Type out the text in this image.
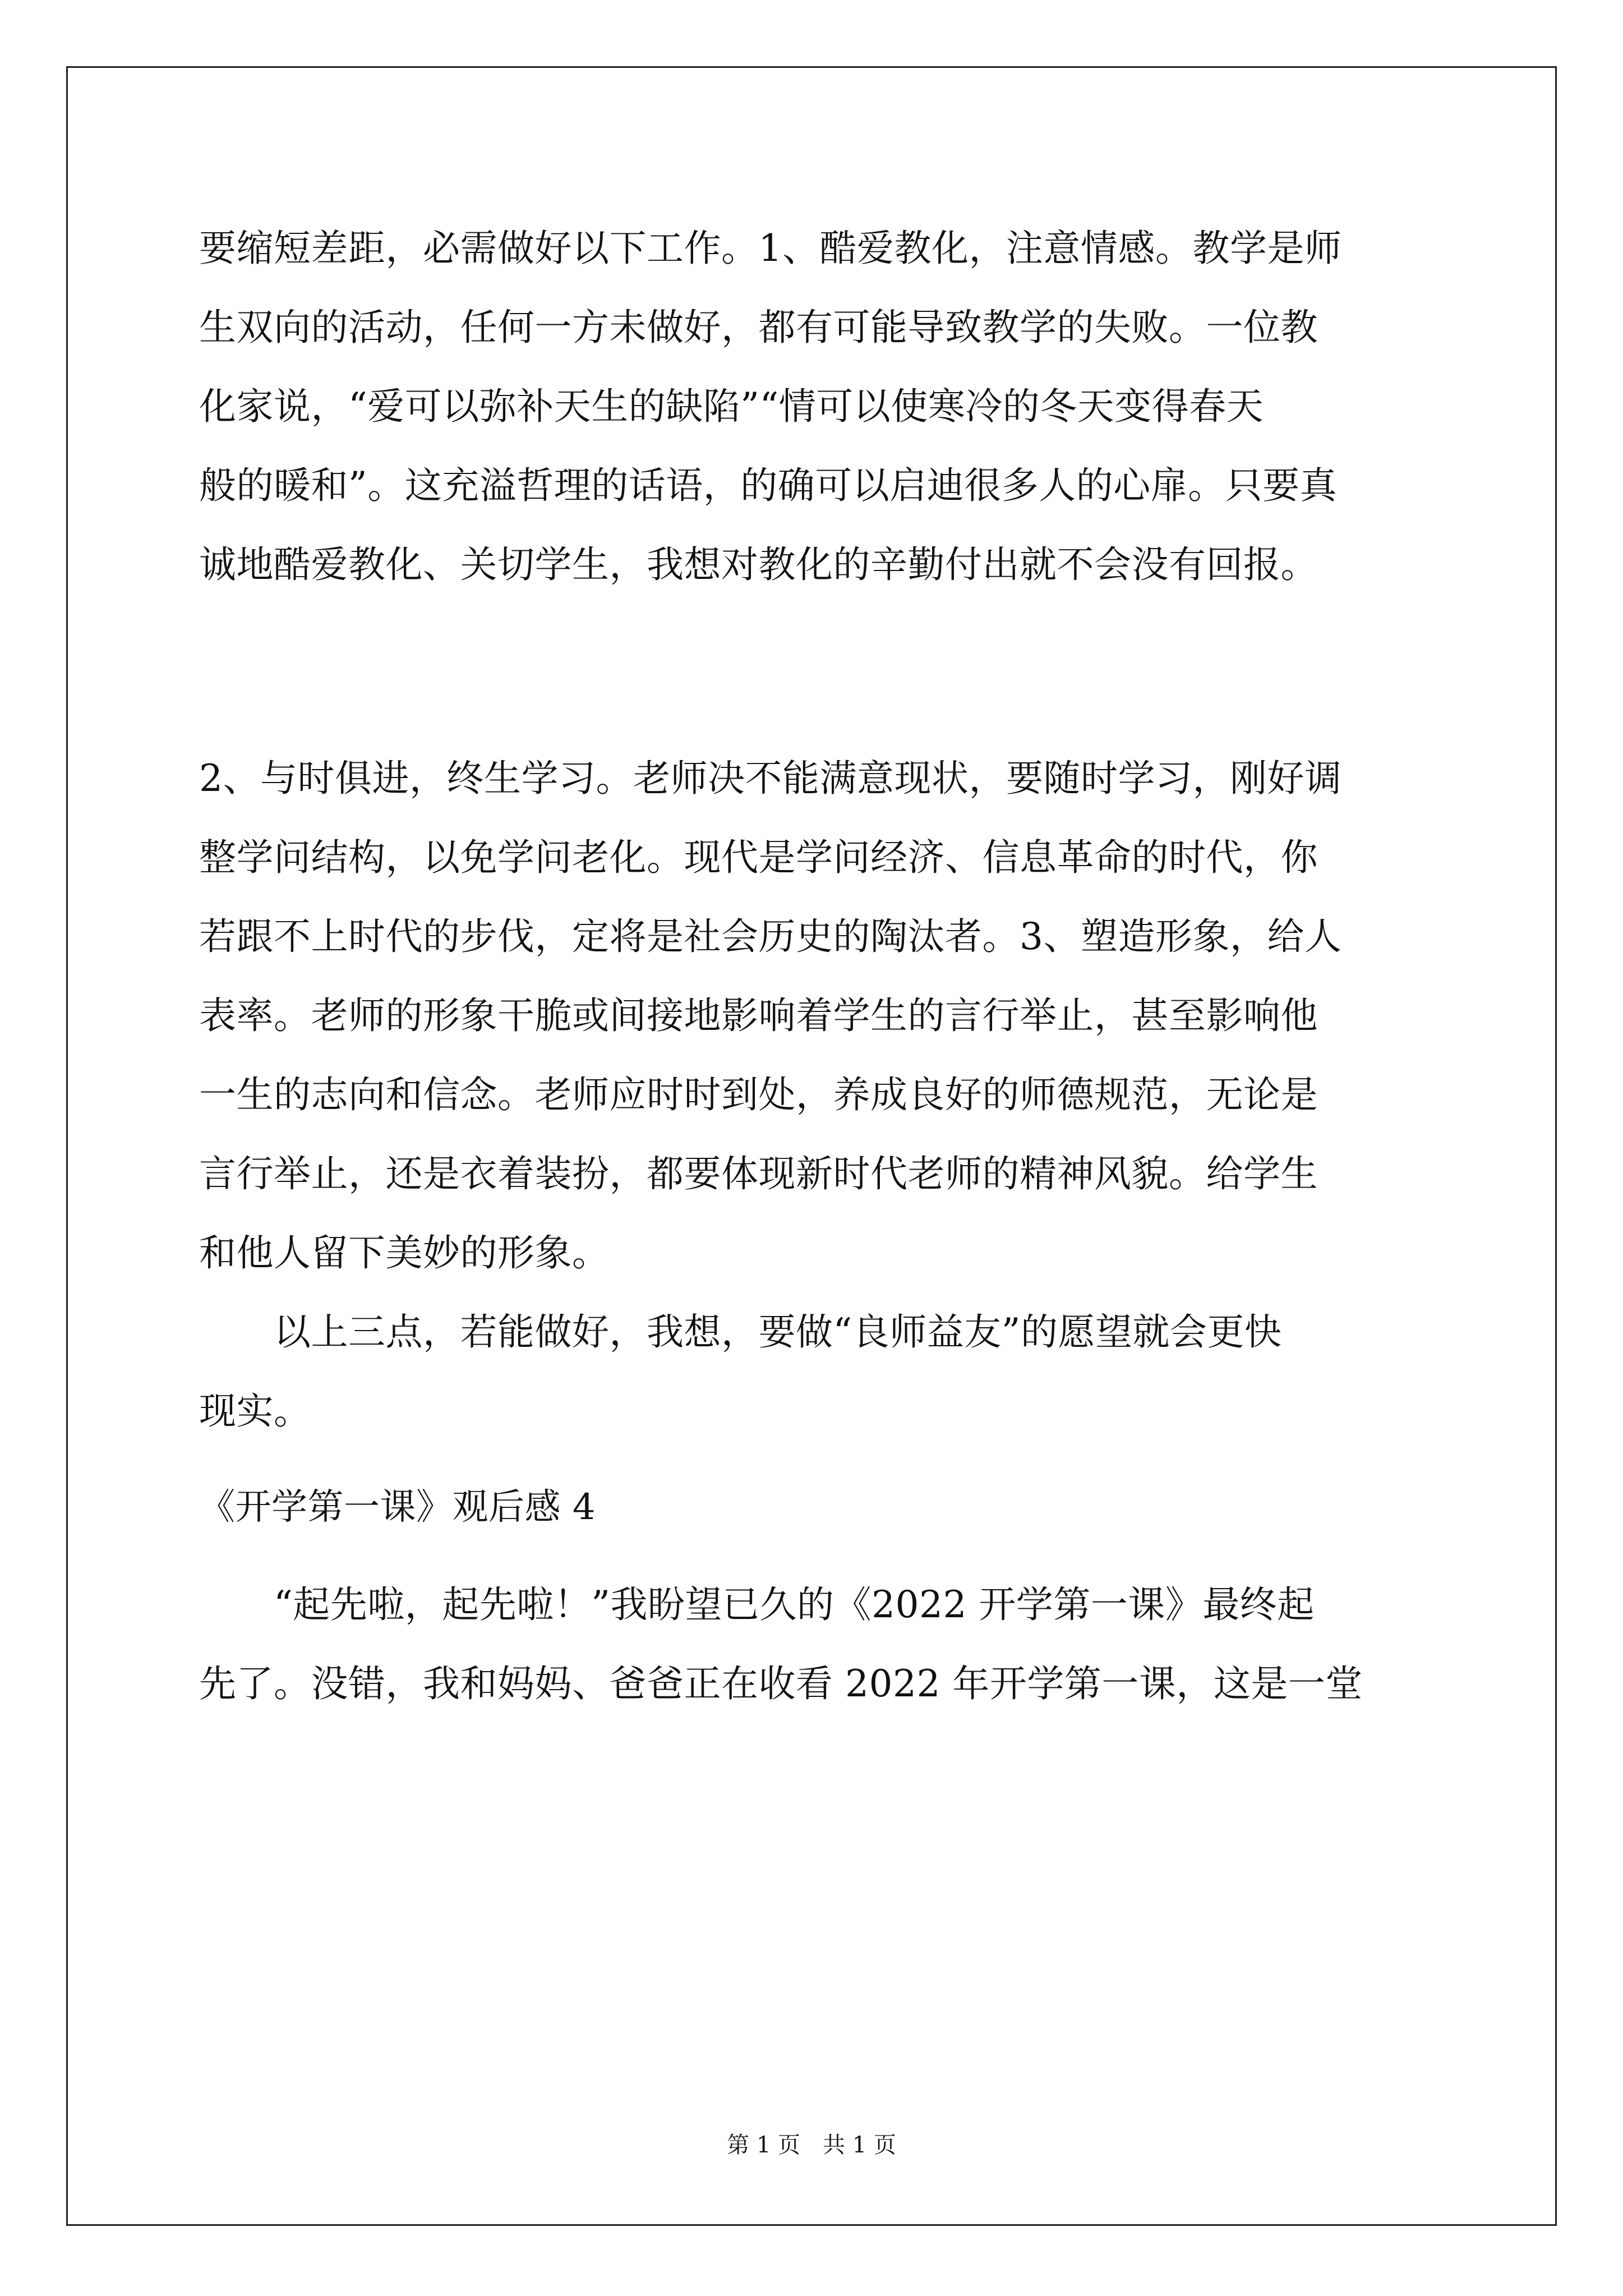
要缩短差距，必需做好以下工作。1、酷爱教化，注意情感。教学是师
生双向的活动，任何一方未做好，都有可能导致教学的失败。一位教
化家说，“爱可以弥补天生的缺陷”“情可以使寒冷的冬天变得春天
般的暖和”。这充溢哲理的话语，的确可以启迪很多人的心扉。只要真
诚地酷爱教化、关切学生，我想对教化的辛勤付出就不会没有回报。
2、与时俱进，终生学习。老师决不能满意现状，要随时学习，刚好调
整学问结构，以免学问老化。现代是学问经济、信息革命的时代，你
若跟不上时代的步伐，定将是社会历史的陶汰者。3、塑造形象，给人
表率。老师的形象干脆或间接地影响着学生的言行举止，甚至影响他
一生的志向和信念。老师应时时到处，养成良好的师德规范，无论是
言行举止，还是衣着装扮，都要体现新时代老师的精神风貌。给学生
和他人留下美妙的形象。
　　以上三点，若能做好，我想，要做“良师益友”的愿望就会更快
现实。
《开学第一课》观后感 4
　　“起先啦，起先啦！”我盼望已久的《2022 开学第一课》最终起
先了。没错，我和妈妈、爸爸正在收看 2022 年开学第一课，这是一堂
第 1 页　共 1 页
